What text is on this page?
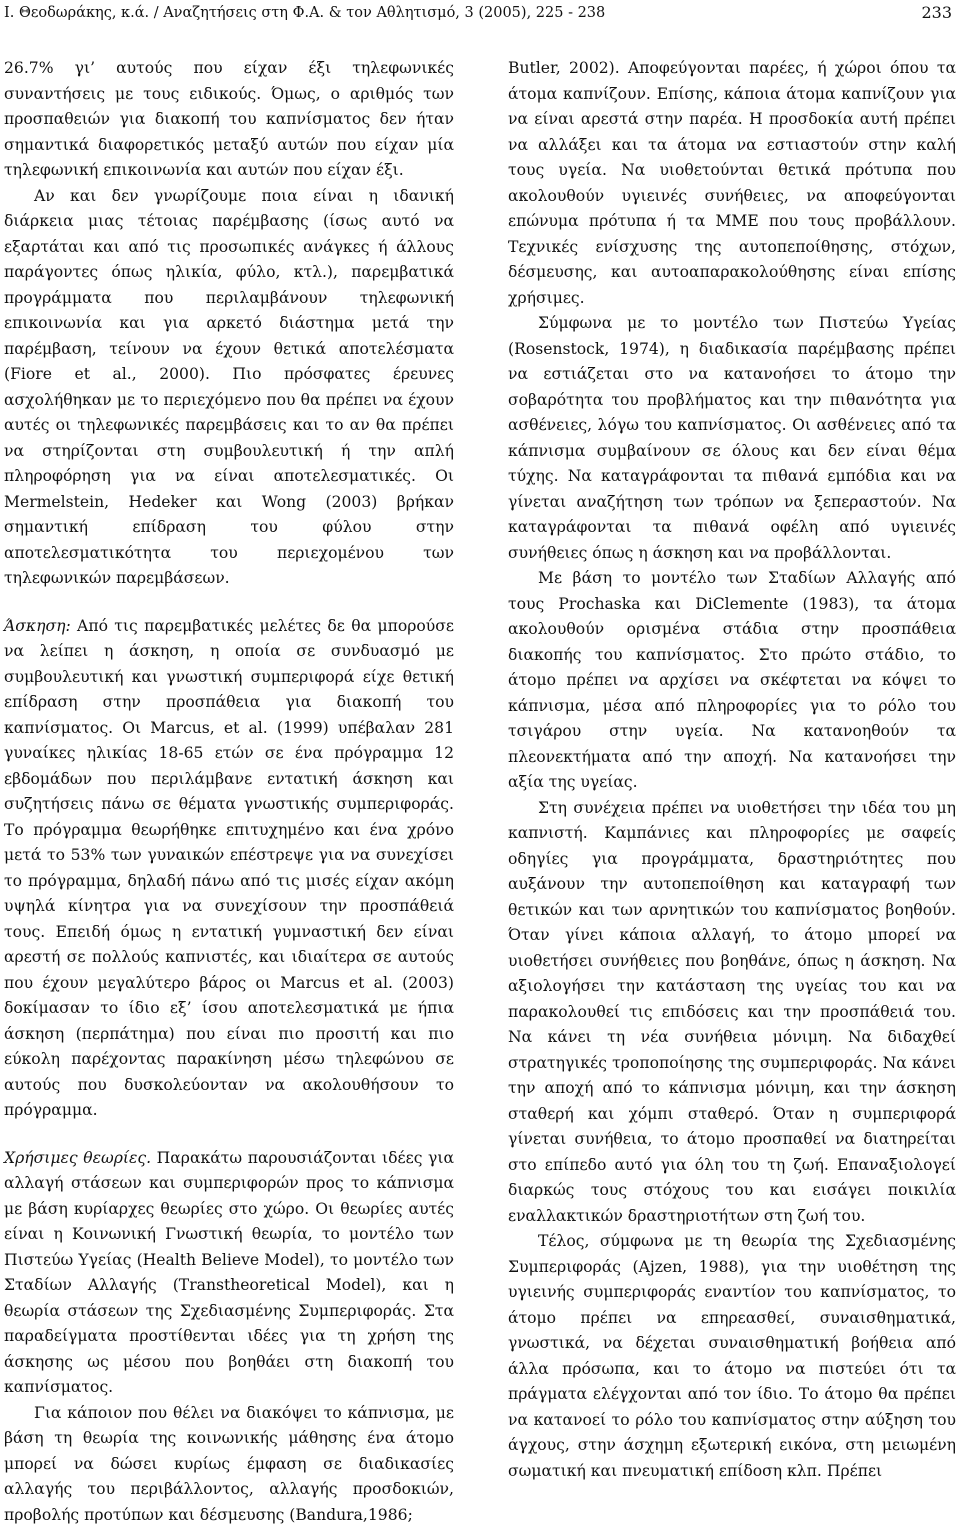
Ι. Θεοδωράκης, κ.ά. / Αναζητήσεις στη Φ.Α. & τον Αθλητισμό, 3 (2005), 225 - 238	233

26.7% γι’ αυτούς που είχαν έξι τηλεφωνικές συναντήσεις με τους ειδικούς. Όμως, ο αριθμός των προσπαθειών για διακοπή του καπνίσματος δεν ήταν σημαντικά διαφορετικός μεταξύ αυτών που είχαν μία τηλεφωνική επικοινωνία και αυτών που είχαν έξι.

Αν και δεν γνωρίζουμε ποια είναι η ιδανική διάρκεια μιας τέτοιας παρέμβασης (ίσως αυτό να εξαρτάται και από τις προσωπικές ανάγκες ή άλλους παράγοντες όπως ηλικία, φύλο, κτλ.), παρεμβατικά προγράμματα που περιλαμβάνουν τηλεφωνική επικοινωνία και για αρκετό διάστημα μετά την παρέμβαση, τείνουν να έχουν θετικά αποτελέσματα (Fiore et al., 2000). Πιο πρόσφατες έρευνες ασχολήθηκαν με το περιεχόμενο που θα πρέπει να έχουν αυτές οι τηλεφωνικές παρεμβάσεις και το αν θα πρέπει να στηρίζονται στη συμβουλευτική ή την απλή πληροφόρηση για να είναι αποτελεσματικές. Οι Mermelstein, Hedeker και Wong (2003) βρήκαν σημαντική επίδραση του φύλου στην αποτελεσματικότητα του περιεχομένου των τηλεφωνικών παρεμβάσεων.

Άσκηση: Από τις παρεμβατικές μελέτες δε θα μπορούσε να λείπει η άσκηση, η οποία σε συνδυασμό με συμβουλευτική και γνωστική συμπεριφορά είχε θετική επίδραση στην προσπάθεια για διακοπή του καπνίσματος. Οι Marcus, et al. (1999) υπέβαλαν 281 γυναίκες ηλικίας 18-65 ετών σε ένα πρόγραμμα 12 εβδομάδων που περιλάμβανε εντατική άσκηση και συζητήσεις πάνω σε θέματα γνωστικής συμπεριφοράς. Το πρόγραμμα θεωρήθηκε επιτυχημένο και ένα χρόνο μετά το 53% των γυναικών επέστρεψε για να συνεχίσει το πρόγραμμα, δηλαδή πάνω από τις μισές είχαν ακόμη υψηλά κίνητρα για να συνεχίσουν την προσπάθειά τους. Επειδή όμως η εντατική γυμναστική δεν είναι αρεστή σε πολλούς καπνιστές, και ιδιαίτερα σε αυτούς που έχουν μεγαλύτερο βάρος οι Marcus et al. (2003) δοκίμασαν το ίδιο εξ’ ίσου αποτελεσματικά με ήπια άσκηση (περπάτημα) που είναι πιο προσιτή και πιο εύκολη παρέχοντας παρακίνηση μέσω τηλεφώνου σε αυτούς που δυσκολεύονταν να ακολουθήσουν το πρόγραμμα.

Χρήσιμες θεωρίες. Παρακάτω παρουσιάζονται ιδέες για αλλαγή στάσεων και συμπεριφορών προς το κάπνισμα με βάση κυρίαρχες θεωρίες στο χώρο. Οι θεωρίες αυτές είναι η Κοινωνική Γνωστική θεωρία, το μοντέλο των Πιστεύω Υγείας (Health Believe Model), το μοντέλο των Σταδίων Αλλαγής (Transtheoretical Model), και η θεωρία στάσεων της Σχεδιασμένης Συμπεριφοράς. Στα παραδείγματα προστίθενται ιδέες για τη χρήση της άσκησης ως μέσου που βοηθάει στη διακοπή του καπνίσματος.

Για κάποιον που θέλει να διακόψει το κάπνισμα, με βάση τη θεωρία της κοινωνικής μάθησης ένα άτομο μπορεί να δώσει κυρίως έμφαση σε διαδικασίες αλλαγής του περιβάλλοντος, αλλαγής προσδοκιών, προβολής προτύπων και δέσμευσης (Bandura,1986;

Butler, 2002). Αποφεύγονται παρέες, ή χώροι όπου τα άτομα καπνίζουν. Επίσης, κάποια άτομα καπνίζουν για να είναι αρεστά στην παρέα. Η προσδοκία αυτή πρέπει να αλλάξει και τα άτομα να εστιαστούν στην καλή τους υγεία. Να υιοθετούνται θετικά πρότυπα που ακολουθούν υγιεινές συνήθειες, να αποφεύγονται επώνυμα πρότυπα ή τα ΜΜΕ που τους προβάλλουν. Τεχνικές ενίσχυσης της αυτοπεποίθησης, στόχων, δέσμευσης, και αυτοαπαρακολούθησης είναι επίσης χρήσιμες.

Σύμφωνα με το μοντέλο των Πιστεύω Υγείας (Rosenstock, 1974), η διαδικασία παρέμβασης πρέπει να εστιάζεται στο να κατανοήσει το άτομο την σοβαρότητα του προβλήματος και την πιθανότητα για ασθένειες, λόγω του καπνίσματος. Οι ασθένειες από τα κάπνισμα συμβαίνουν σε όλους και δεν είναι θέμα τύχης. Να καταγράφονται τα πιθανά εμπόδια και να γίνεται αναζήτηση των τρόπων να ξεπεραστούν. Να καταγράφονται τα πιθανά οφέλη από υγιεινές συνήθειες όπως η άσκηση και να προβάλλονται.

Με βάση το μοντέλο των Σταδίων Αλλαγής από τους Prochaska και DiClemente (1983), τα άτομα ακολουθούν ορισμένα στάδια στην προσπάθεια διακοπής του καπνίσματος. Στο πρώτο στάδιο, το άτομο πρέπει να αρχίσει να σκέφτεται να κόψει το κάπνισμα, μέσα από πληροφορίες για το ρόλο του τσιγάρου στην υγεία. Να κατανοηθούν τα πλεονεκτήματα από την αποχή. Να κατανοήσει την αξία της υγείας.

Στη συνέχεια πρέπει να υιοθετήσει την ιδέα του μη καπνιστή. Καμπάνιες και πληροφορίες με σαφείς οδηγίες για προγράμματα, δραστηριότητες που αυξάνουν την αυτοπεποίθηση και καταγραφή των θετικών και των αρνητικών του καπνίσματος βοηθούν. Όταν γίνει κάποια αλλαγή, το άτομο μπορεί να υιοθετήσει συνήθειες που βοηθάνε, όπως η άσκηση. Να αξιολογήσει την κατάσταση της υγείας του και να παρακολουθεί τις επιδόσεις και την προσπάθειά του. Να κάνει τη νέα συνήθεια μόνιμη. Να διδαχθεί στρατηγικές τροποποίησης της συμπεριφοράς. Να κάνει την αποχή από το κάπνισμα μόνιμη, και την άσκηση σταθερή και χόμπι σταθερό. Όταν η συμπεριφορά γίνεται συνήθεια, το άτομο προσπαθεί να διατηρείται στο επίπεδο αυτό για όλη του τη ζωή. Επαναξιολογεί διαρκώς τους στόχους του και εισάγει ποικιλία εναλλακτικών δραστηριοτήτων στη ζωή του.

Τέλος, σύμφωνα με τη θεωρία της Σχεδιασμένης Συμπεριφοράς (Ajzen, 1988), για την υιοθέτηση της υγιεινής συμπεριφοράς εναντίον του καπνίσματος, το άτομο πρέπει να επηρεασθεί, συναισθηματικά, γνωστικά, να δέχεται συναισθηματική βοήθεια από άλλα πρόσωπα, και το άτομο να πιστεύει ότι τα πράγματα ελέγχονται από τον ίδιο. Το άτομο θα πρέπει να κατανοεί το ρόλο του καπνίσματος στην αύξηση του άγχους, στην άσχημη εξωτερική εικόνα, στη μειωμένη σωματική και πνευματική επίδοση κλπ. Πρέπει
